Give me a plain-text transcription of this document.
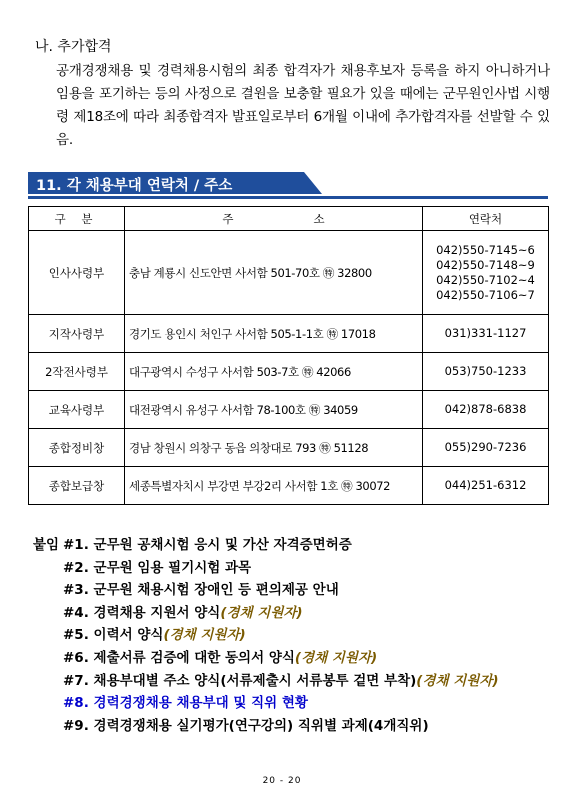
나. 추가합격
공개경쟁채용 및 경력채용시험의 최종 합격자가 채용후보자 등록을 하지 아니하거나 임용을 포기하는 등의 사정으로 결원을 보충할 필요가 있을 때에는 군무원인사법 시행령 제18조에 따라 최종합격자 발표일로부터 6개월 이내에 추가합격자를 선발할 수 있음.
11. 각 채용부대 연락처 / 주소
구 분	주 소	연락처
인사사령부	충남 계룡시 신도안면 사서함 501-70호 ㊕ 32800	042)550-7145~6
042)550-7148~9
042)550-7102~4
042)550-7106~7

지작사령부	경기도 용인시 처인구 사서함 505-1-1호 ㊕ 17018	031)331-1127
2작전사령부	대구광역시 수성구 사서함 503-7호 ㊕ 42066	053)750-1233
교육사령부	대전광역시 유성구 사서함 78-100호 ㊕ 34059	042)878-6838
종합정비창	경남 창원시 의창구 동읍 의창대로 793 ㊕ 51128	055)290-7236
종합보급창	세종특별자치시 부강면 부강2리 사서함 1호 ㊕ 30072	044)251-6312
붙임 #1. 군무원 공채시험 응시 및 가산 자격증면허증
#2. 군무원 임용 필기시험 과목
#3. 군무원 채용시험 장애인 등 편의제공 안내
#4. 경력채용 지원서 양식(경채 지원자)
#5. 이력서 양식(경채 지원자)
#6. 제출서류 검증에 대한 동의서 양식(경채 지원자)
#7. 채용부대별 주소 양식(서류제출시 서류봉투 겉면 부착)(경채 지원자)
#8. 경력경쟁채용 채용부대 및 직위 현황
#9. 경력경쟁채용 실기평가(연구강의) 직위별 과제(4개직위)
20 - 20
